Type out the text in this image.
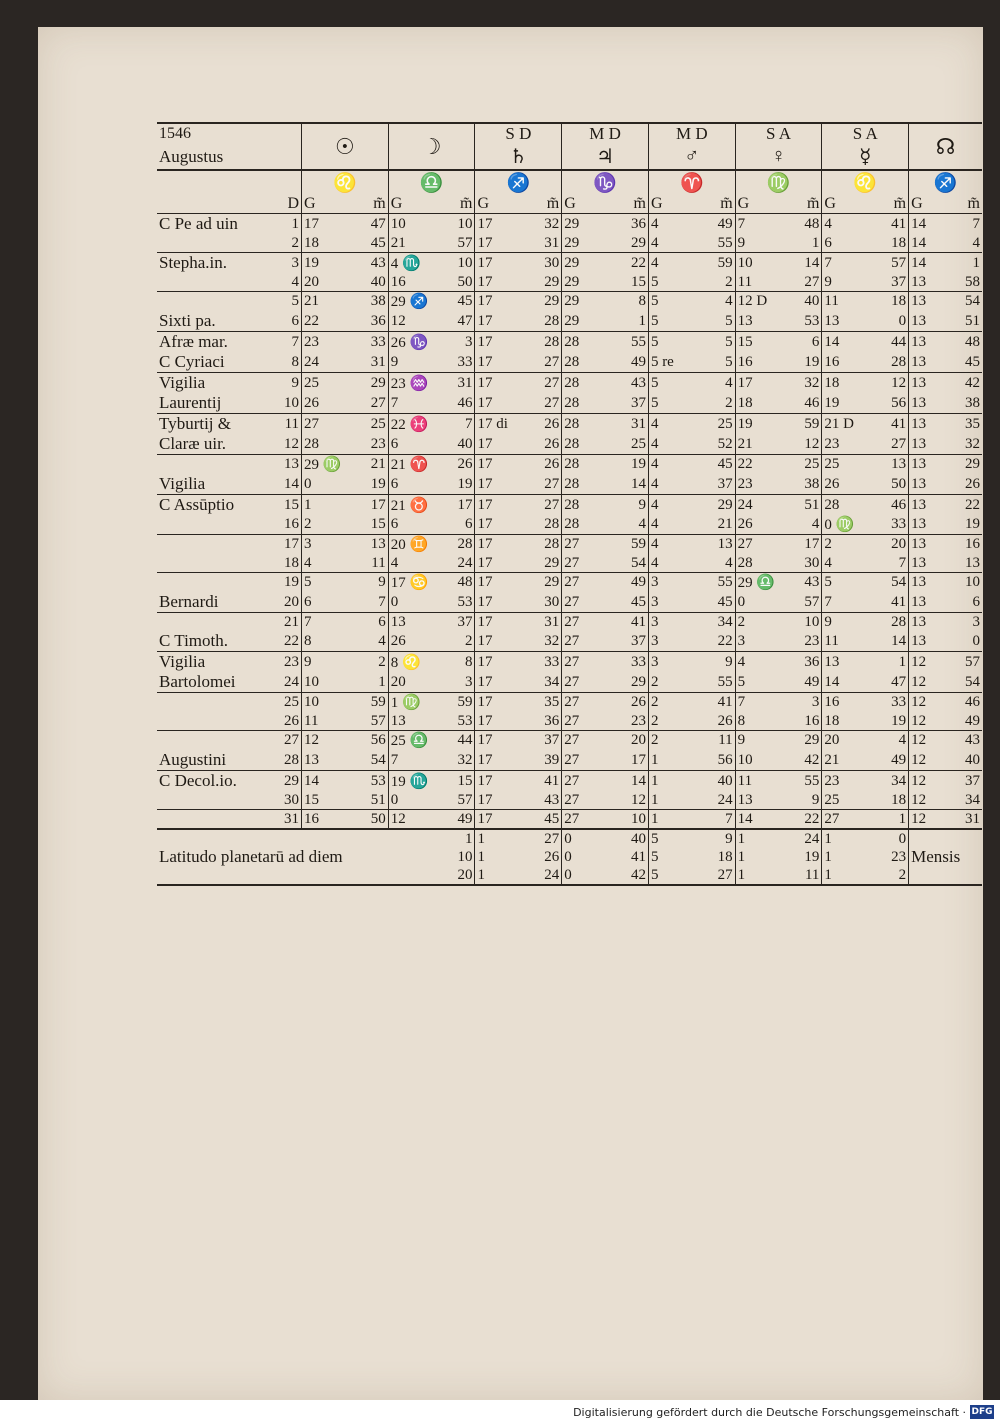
1546		☉		☽		S D		M D		M D		S A		S A		☊	
Augustus						♄		♃		♂		♀		☿			
		♌		♎		♐		♑		♈		♍		♌		♐	
	D	G	m̃	G	m̃	G	m̃	G	m̃	G	m̃	G	m̃	G	m̃	G	m̃
C Pe ad uin	1	17	47	10	10	17	32	29	36	4	49	7	48	4	41	14	7
	2	18	45	21	57	17	31	29	29	4	55	9	1	6	18	14	4
Stepha.in.	3	19	43	4 ♏	10	17	30	29	22	4	59	10	14	7	57	14	1
	4	20	40	16	50	17	29	29	15	5	2	11	27	9	37	13	58
	5	21	38	29 ♐	45	17	29	29	8	5	4	12 D	40	11	18	13	54
Sixti pa.	6	22	36	12	47	17	28	29	1	5	5	13	53	13	0	13	51
Afræ mar.	7	23	33	26 ♑	3	17	28	28	55	5	5	15	6	14	44	13	48
C Cyriaci	8	24	31	9	33	17	27	28	49	5 re	5	16	19	16	28	13	45
Vigilia	9	25	29	23 ♒	31	17	27	28	43	5	4	17	32	18	12	13	42
Laurentij	10	26	27	7	46	17	27	28	37	5	2	18	46	19	56	13	38
Tyburtij &	11	27	25	22 ♓	7	17 di	26	28	31	4	25	19	59	21 D	41	13	35
Claræ uir.	12	28	23	6	40	17	26	28	25	4	52	21	12	23	27	13	32
	13	29 ♍	21	21 ♈	26	17	26	28	19	4	45	22	25	25	13	13	29
Vigilia	14	0	19	6	19	17	27	28	14	4	37	23	38	26	50	13	26
C Assūptio	15	1	17	21 ♉	17	17	27	28	9	4	29	24	51	28	46	13	22
	16	2	15	6	6	17	28	28	4	4	21	26	4	0 ♍	33	13	19
	17	3	13	20 ♊	28	17	28	27	59	4	13	27	17	2	20	13	16
	18	4	11	4	24	17	29	27	54	4	4	28	30	4	7	13	13
	19	5	9	17 ♋	48	17	29	27	49	3	55	29 ♎	43	5	54	13	10
Bernardi	20	6	7	0	53	17	30	27	45	3	45	0	57	7	41	13	6
	21	7	6	13	37	17	31	27	41	3	34	2	10	9	28	13	3
C Timoth.	22	8	4	26	2	17	32	27	37	3	22	3	23	11	14	13	0
Vigilia	23	9	2	8 ♌	8	17	33	27	33	3	9	4	36	13	1	12	57
Bartolomei	24	10	1	20	3	17	34	27	29	2	55	5	49	14	47	12	54
	25	10	59	1 ♍	59	17	35	27	26	2	41	7	3	16	33	12	46
	26	11	57	13	53	17	36	27	23	2	26	8	16	18	19	12	49
	27	12	56	25 ♎	44	17	37	27	20	2	11	9	29	20	4	12	43
Augustini	28	13	54	7	32	17	39	27	17	1	56	10	42	21	49	12	40
C Decol.io.	29	14	53	19 ♏	15	17	41	27	14	1	40	11	55	23	34	12	37
	30	15	51	0	57	17	43	27	12	1	24	13	9	25	18	12	34
	31	16	50	12	49	17	45	27	10	1	7	14	22	27	1	12	31
Latitudo planetarū ad diem					1	1	27	0	40	5	9	1	24	1	0	Mensis	
					10	1	26	0	41	5	18	1	19	1	23		
					20	1	24	0	42	5	27	1	11	1	2		
Digitalisierung gefördert durch die Deutsche Forschungsgemeinschaft · DFG
